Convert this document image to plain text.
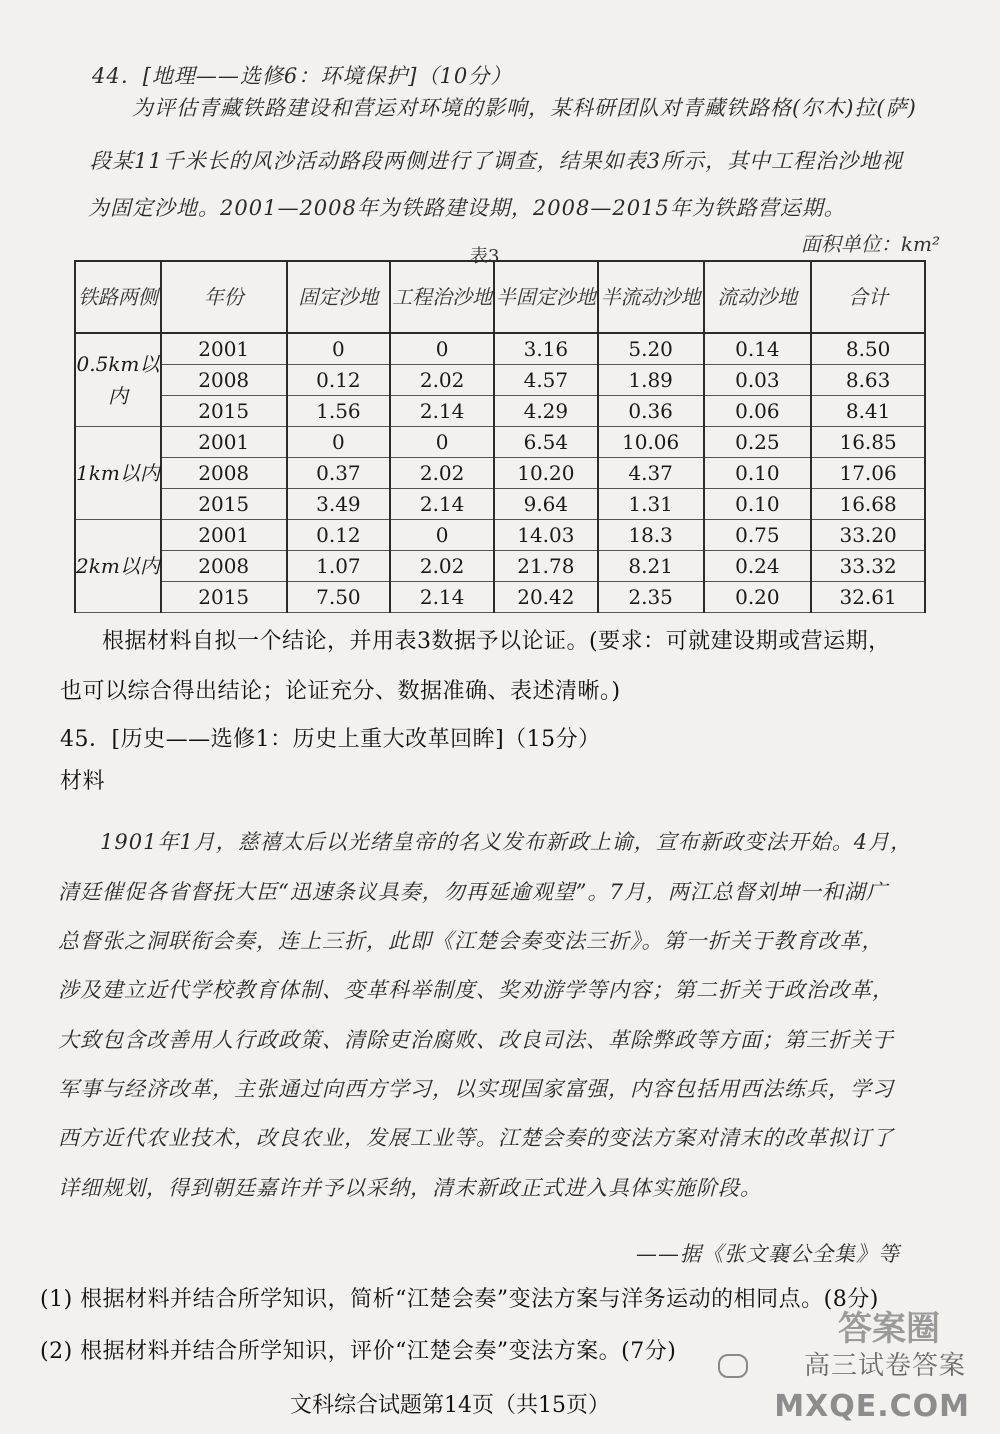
44．[地理——选修6：环境保护]（10分）
为评估青藏铁路建设和营运对环境的影响，某科研团队对青藏铁路格(尔木)拉(萨)
段某11千米长的风沙活动路段两侧进行了调查，结果如表3所示，其中工程治沙地视
为固定沙地。2001—2008年为铁路建设期，2008—2015年为铁路营运期。
面积单位：km²
表3
铁路两侧	年份	固定沙地	工程治沙地	半固定沙地	半流动沙地	流动沙地	合计
0.5km以内	2001	0	0	3.16	5.20	0.14	8.50
	2008	0.12	2.02	4.57	1.89	0.03	8.63
	2015	1.56	2.14	4.29	0.36	0.06	8.41
1km以内	2001	0	0	6.54	10.06	0.25	16.85
	2008	0.37	2.02	10.20	4.37	0.10	17.06
	2015	3.49	2.14	9.64	1.31	0.10	16.68
2km以内	2001	0.12	0	14.03	18.3	0.75	33.20
	2008	1.07	2.02	21.78	8.21	0.24	33.32
	2015	7.50	2.14	20.42	2.35	0.20	32.61
根据材料自拟一个结论，并用表3数据予以论证。(要求：可就建设期或营运期，
也可以综合得出结论；论证充分、数据准确、表述清晰。)
45．[历史——选修1：历史上重大改革回眸]（15分）
材料
1901年1月，慈禧太后以光绪皇帝的名义发布新政上谕，宣布新政变法开始。4月，
清廷催促各省督抚大臣“迅速条议具奏，勿再延逾观望”。7月，两江总督刘坤一和湖广
总督张之洞联衔会奏，连上三折，此即《江楚会奏变法三折》。第一折关于教育改革，
涉及建立近代学校教育体制、变革科举制度、奖劝游学等内容；第二折关于政治改革，
大致包含改善用人行政政策、清除吏治腐败、改良司法、革除弊政等方面；第三折关于
军事与经济改革，主张通过向西方学习，以实现国家富强，内容包括用西法练兵，学习
西方近代农业技术，改良农业，发展工业等。江楚会奏的变法方案对清末的改革拟订了
详细规划，得到朝廷嘉许并予以采纳，清末新政正式进入具体实施阶段。
——据《张文襄公全集》等
(1) 根据材料并结合所学知识，简析“江楚会奏”变法方案与洋务运动的相同点。(8分)
(2) 根据材料并结合所学知识，评价“江楚会奏”变法方案。(7分)
文科综合试题第14页（共15页）
答案圈
高三试卷答案
MXQE.COM
